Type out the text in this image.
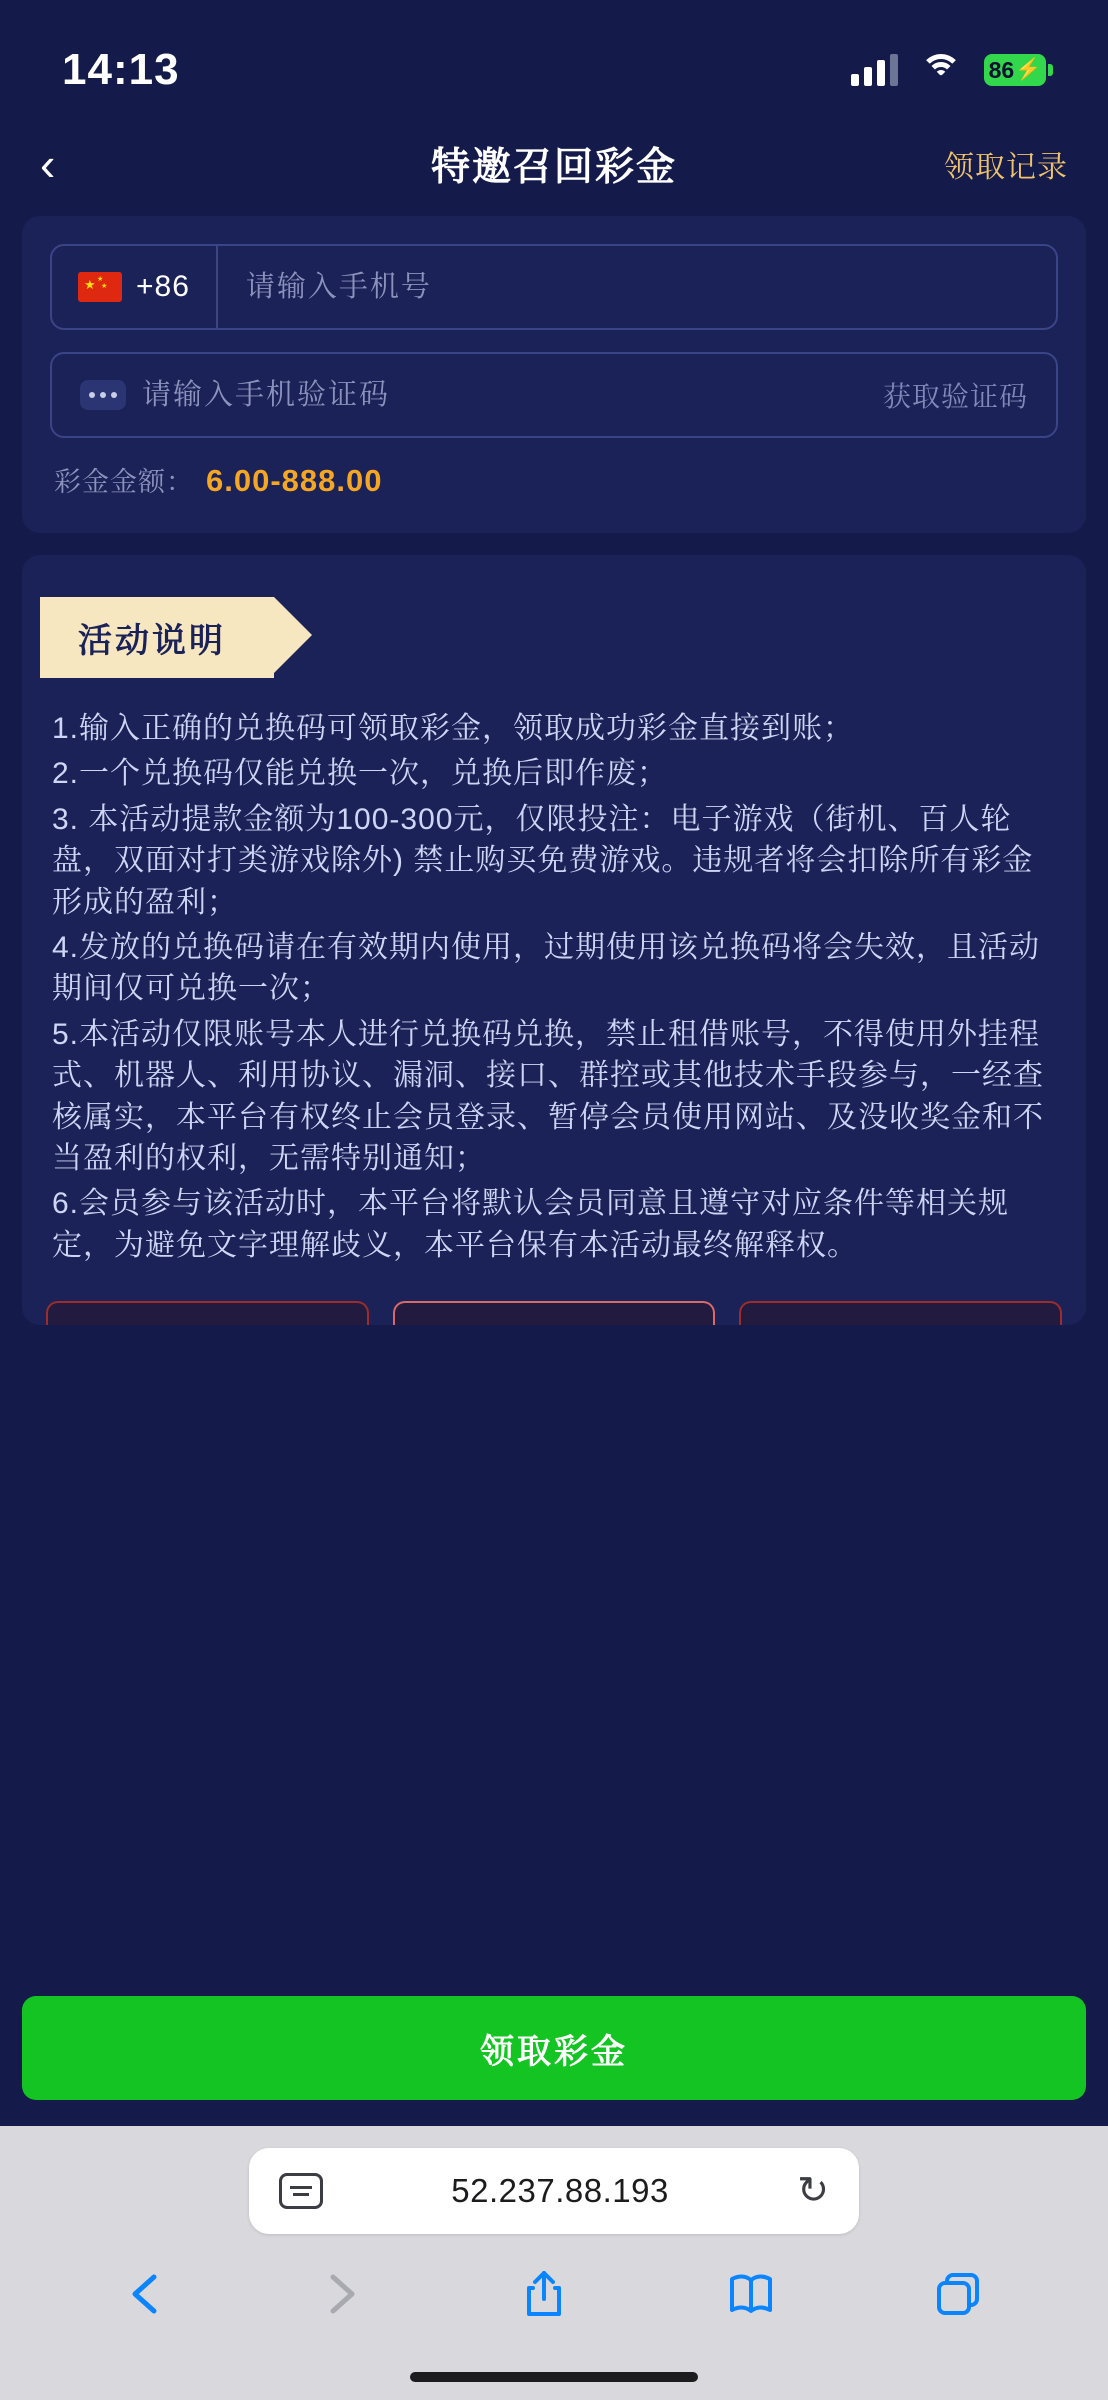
14:13	86 ⚡
‹	特邀召回彩金	领取记录
★ ★
★ +86
请输入手机号
请输入手机验证码
获取验证码
彩金金额： 6.00-888.00
活动说明
1.输入正确的兑换码可领取彩金，领取成功彩金直接到账；
2.一个兑换码仅能兑换一次，兑换后即作废；
3. 本活动提款金额为100-300元，仅限投注：电子游戏（街机、百人轮盘，双面对打类游戏除外) 禁止购买免费游戏。违规者将会扣除所有彩金形成的盈利；
4.发放的兑换码请在有效期内使用，过期使用该兑换码将会失效，且活动期间仅可兑换一次；
5.本活动仅限账号本人进行兑换码兑换，禁止租借账号，不得使用外挂程式、机器人、利用协议、漏洞、接口、群控或其他技术手段参与，一经查核属实，本平台有权终止会员登录、暂停会员使用网站、及没收奖金和不当盈利的权利，无需特别通知；
6.会员参与该活动时，本平台将默认会员同意且遵守对应条件等相关规定，为避免文字理解歧义，本平台保有本活动最终解释权。
领取彩金
52.237.88.193	↻
